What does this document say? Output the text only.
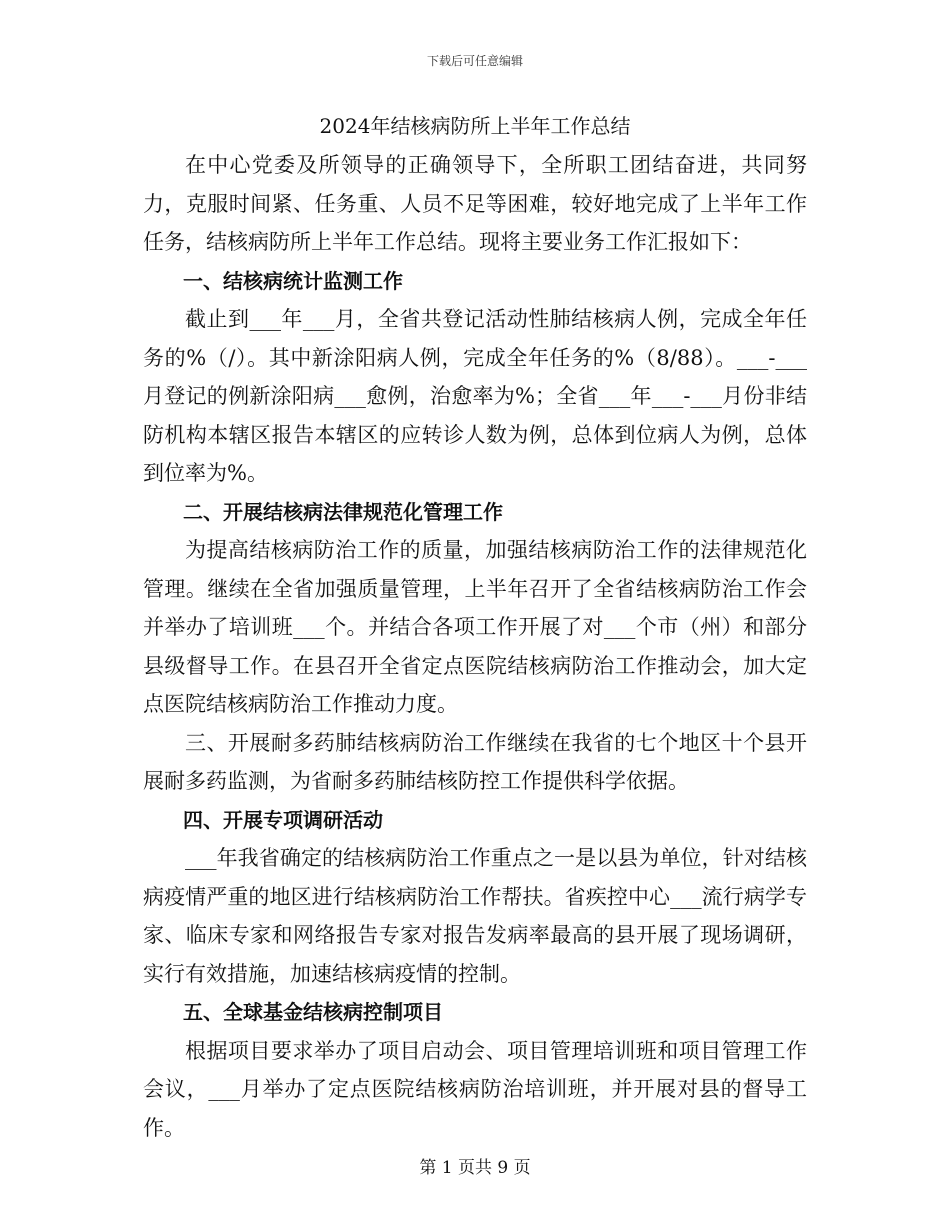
下载后可任意编辑
2024年结核病防所上半年工作总结

在中心党委及所领导的正确领导下，全所职工团结奋进，共同努力，克服时间紧、任务重、人员不足等困难，较好地完成了上半年工作任务，结核病防所上半年工作总结。现将主要业务工作汇报如下：

一、结核病统计监测工作

截止到___年___月，全省共登记活动性肺结核病人例，完成全年任务的%（/）。其中新涂阳病人例，完成全年任务的%（8/88）。___-___月登记的例新涂阳病___愈例，治愈率为%；全省___年___-___月份非结防机构本辖区报告本辖区的应转诊人数为例，总体到位病人为例，总体到位率为%。

二、开展结核病法律规范化管理工作

为提高结核病防治工作的质量，加强结核病防治工作的法律规范化管理。继续在全省加强质量管理，上半年召开了全省结核病防治工作会并举办了培训班___个。并结合各项工作开展了对___个市（州）和部分县级督导工作。在县召开全省定点医院结核病防治工作推动会，加大定点医院结核病防治工作推动力度。

三、开展耐多药肺结核病防治工作继续在我省的七个地区十个县开展耐多药监测，为省耐多药肺结核防控工作提供科学依据。

四、开展专项调研活动

___年我省确定的结核病防治工作重点之一是以县为单位，针对结核病疫情严重的地区进行结核病防治工作帮扶。省疾控中心___流行病学专家、临床专家和网络报告专家对报告发病率最高的县开展了现场调研，实行有效措施，加速结核病疫情的控制。

五、全球基金结核病控制项目

根据项目要求举办了项目启动会、项目管理培训班和项目管理工作会议，___月举办了定点医院结核病防治培训班，并开展对县的督导工作。

第 1 页共 9 页
